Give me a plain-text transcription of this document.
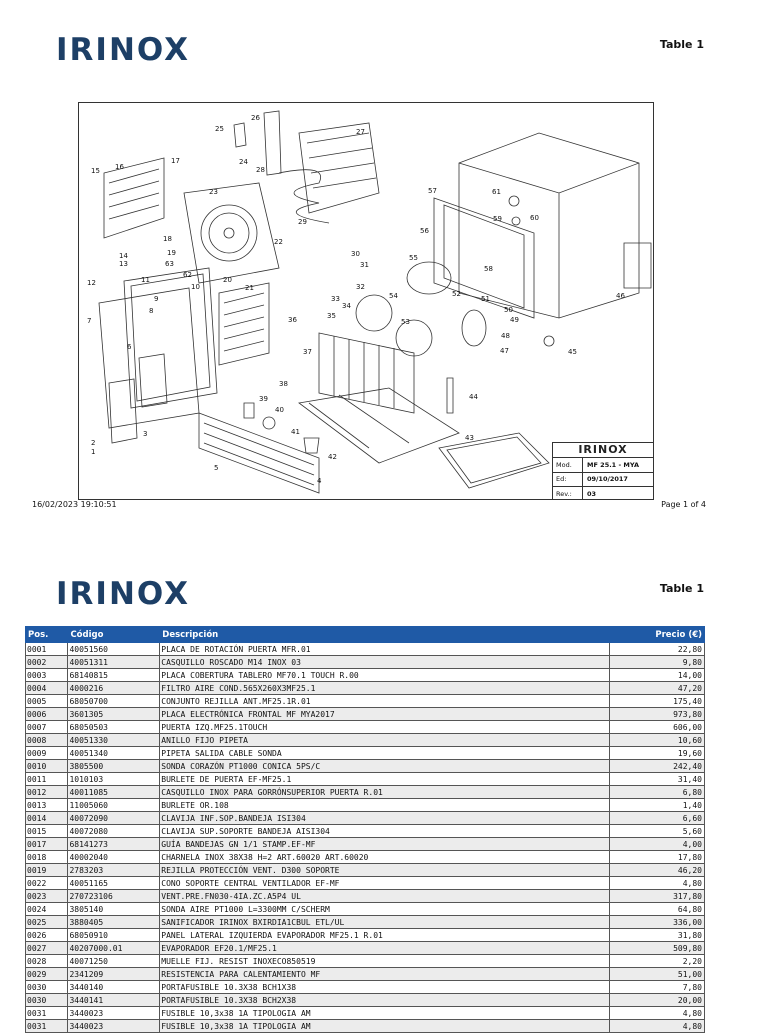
IRINOX	Table 1
1
2
3
4
5
6
7
8
9
10
11
12
13
14
15 16
17
18
19
20
21
22
23
24
25
26
27
28
29
30
31
32
33
34
35
36
37
38
39
40
41
42
43
44
45
46
47
48
49
50
51
52
53
54
55
56
57
58
59	60
61
62
63
IRINOX
Mod.	MF 25.1 - MYA
Ed:	09/10/2017
Rev.:	03
16/02/2023 19:10:51	Page 1 of 4
IRINOX	Table 1
Pos.	Código	Descripción	Precio (€)
0001	40051560	PLACA DE ROTACIÓN PUERTA MFR.01	22,80
0002	40051311	CASQUILLO ROSCADO M14 INOX 03	9,80
0003	68140815	PLACA COBERTURA TABLERO MF70.1 TOUCH R.00	14,00
0004	4000216	FILTRO AIRE COND.565X260X3MF25.1	47,20
0005	68050700	CONJUNTO REJILLA ANT.MF25.1R.01	175,40
0006	3601305	PLACA ELECTRÓNICA FRONTAL MF MYA2017	973,80
0007	68050503	PUERTA IZQ.MF25.1TOUCH	606,00
0008	40051330	ANILLO FIJO PIPETA	10,60
0009	40051340	PIPETA SALIDA CABLE SONDA	19,60
0010	3805500	SONDA CORAZÓN PT1000 CONICA 5PS/C	242,40
0011	1010103	BURLETE DE PUERTA EF-MF25.1	31,40
0012	40011085	CASQUILLO INOX PARA GORRÓNSUPERIOR PUERTA R.01	6,80
0013	11005060	BURLETE OR.108	1,40
0014	40072090	CLAVIJA INF.SOP.BANDEJA ISI304	6,60
0015	40072080	CLAVIJA SUP.SOPORTE BANDEJA AISI304	5,60
0017	68141273	GUÍA BANDEJAS GN 1/1 STAMP.EF-MF	4,00
0018	40002040	CHARNELA INOX 38X38 H=2 ART.60020 ART.60020	17,80
0019	2783203	REJILLA PROTECCIÓN VENT. D300 SOPORTE	46,20
0022	40051165	CONO SOPORTE CENTRAL VENTILADOR EF-MF	4,80
0023	270723106	VENT.PRE.FN030-4IA.ZC.A5P4 UL	317,80
0024	3805140	SONDA AIRE PT1000 L=3300MM C/SCHERM	64,80
0025	3880405	SANIFICADOR IRINOX BXIRDIA1CBUL ETL/UL	336,00
0026	68050910	PANEL LATERAL IZQUIERDA EVAPORADOR MF25.1 R.01	31,80
0027	40207000.01	EVAPORADOR EF20.1/MF25.1	509,80
0028	40071250	MUELLE FIJ. RESIST INOXECO850519	2,20
0029	2341209	RESISTENCIA PARA CALENTAMIENTO MF	51,00
0030	3440140	PORTAFUSIBLE 10.3X38 BCH1X38	7,80
0030	3440141	PORTAFUSIBLE 10.3X38 BCH2X38	20,00
0031	3440023	FUSIBLE 10,3x38 1A TIPOLOGIA AM	4,80
0031	3440023	FUSIBLE 10,3x38 1A TIPOLOGIA AM	4,80
